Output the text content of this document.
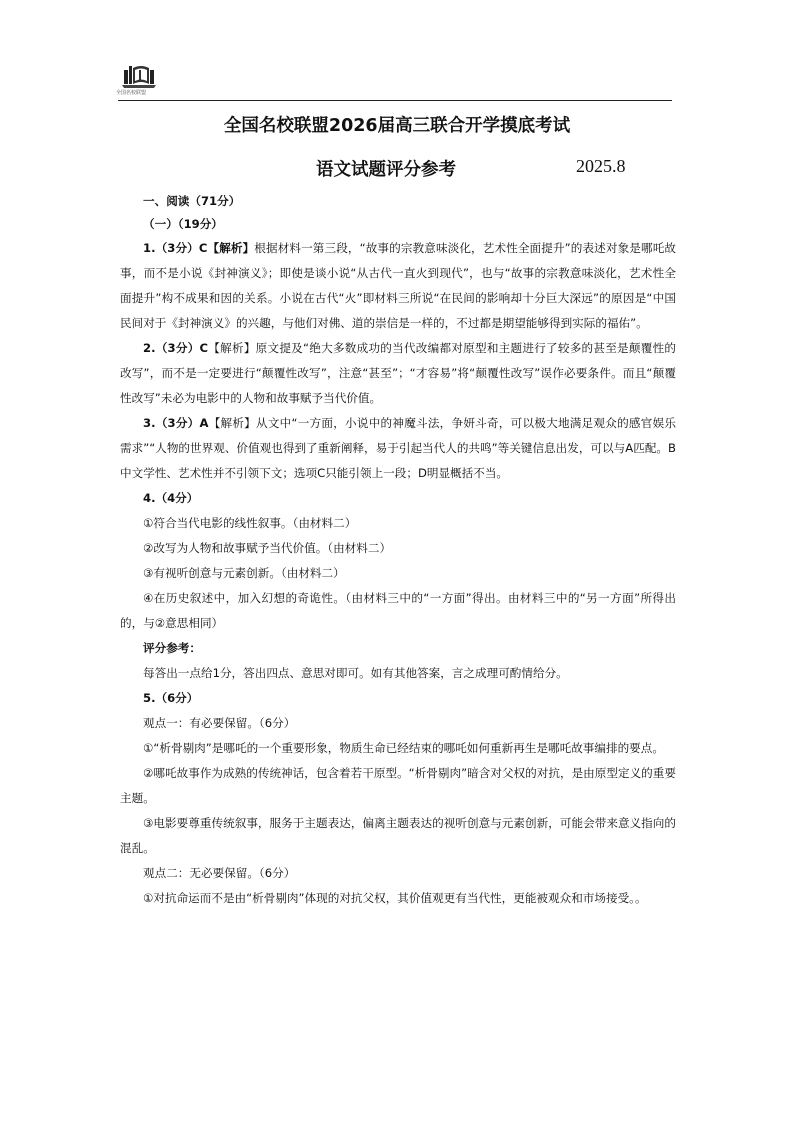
全国名校联盟
全国名校联盟2026届高三联合开学摸底考试
语文试题评分参考	2025.8

一、阅读（71分）

（一）（19分）

1.（3分）C【解析】根据材料一第三段，“故事的宗教意味淡化，艺术性全面提升”的表述对象是哪吒故事，而不是小说《封神演义》；即使是谈小说“从古代一直火到现代”，也与“故事的宗教意味淡化，艺术性全面提升”构不成果和因的关系。小说在古代“火”即材料三所说“在民间的影响却十分巨大深远”的原因是“中国民间对于《封神演义》的兴趣，与他们对佛、道的崇信是一样的，不过都是期望能够得到实际的福佑”。

2.（3分）C【解析】原文提及“绝大多数成功的当代改编都对原型和主题进行了较多的甚至是颠覆性的改写”，而不是一定要进行“颠覆性改写”，注意“甚至”；“才容易”将“颠覆性改写”误作必要条件。而且“颠覆性改写”未必为电影中的人物和故事赋予当代价值。

3.（3分）A【解析】从文中“一方面，小说中的神魔斗法，争妍斗奇，可以极大地满足观众的感官娱乐需求”“人物的世界观、价值观也得到了重新阐释，易于引起当代人的共鸣”等关键信息出发，可以与A匹配。B中文学性、艺术性并不引领下文；选项C只能引领上一段；D明显概括不当。

4.（4分）

①符合当代电影的线性叙事。（由材料二）

②改写为人物和故事赋予当代价值。（由材料二）

③有视听创意与元素创新。（由材料二）

④在历史叙述中，加入幻想的奇诡性。（由材料三中的“一方面”得出。由材料三中的“另一方面”所得出的，与②意思相同）

评分参考：

每答出一点给1分，答出四点、意思对即可。如有其他答案，言之成理可酌情给分。

5.（6分）

观点一：有必要保留。（6分）

①“析骨剔肉”是哪吒的一个重要形象，物质生命已经结束的哪吒如何重新再生是哪吒故事编排的要点。

②哪吒故事作为成熟的传统神话，包含着若干原型。“析骨剔肉”暗含对父权的对抗，是由原型定义的重要主题。

③电影要尊重传统叙事，服务于主题表达，偏离主题表达的视听创意与元素创新，可能会带来意义指向的混乱。

观点二：无必要保留。（6分）

①对抗命运而不是由“析骨剔肉”体现的对抗父权，其价值观更有当代性，更能被观众和市场接受。。
